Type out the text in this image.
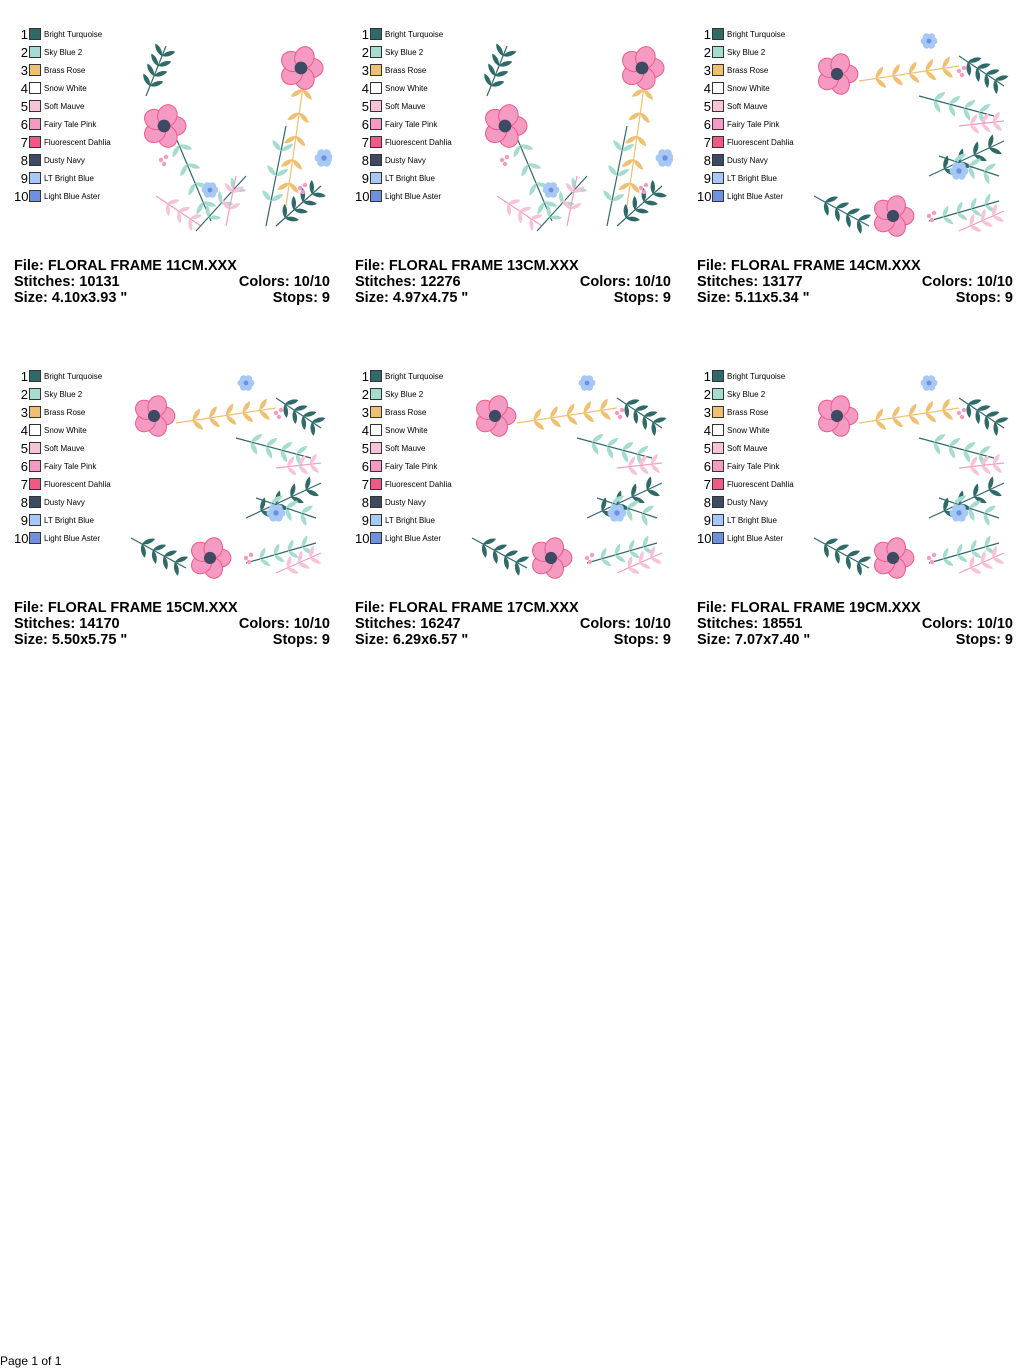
1 Bright Turquoise
2 Sky Blue 2
3 Brass Rose
4 Snow White
5 Soft Mauve
6 Fairy Tale Pink
7 Fluorescent Dahlia
8 Dusty Navy
9 LT Bright Blue
10 Light Blue Aster
File: FLORAL FRAME 11CM.XXX
Stitches: 10131	Colors: 10/10
Size: 4.10x3.93 "	Stops: 9
1 Bright Turquoise
2 Sky Blue 2
3 Brass Rose
4 Snow White
5 Soft Mauve
6 Fairy Tale Pink
7 Fluorescent Dahlia
8 Dusty Navy
9 LT Bright Blue
10 Light Blue Aster
File: FLORAL FRAME 13CM.XXX
Stitches: 12276	Colors: 10/10
Size: 4.97x4.75 "	Stops: 9
1 Bright Turquoise
2 Sky Blue 2
3 Brass Rose
4 Snow White
5 Soft Mauve
6 Fairy Tale Pink
7 Fluorescent Dahlia
8 Dusty Navy
9 LT Bright Blue
10 Light Blue Aster
File: FLORAL FRAME 14CM.XXX
Stitches: 13177	Colors: 10/10
Size: 5.11x5.34 "	Stops: 9
1 Bright Turquoise
2 Sky Blue 2
3 Brass Rose
4 Snow White
5 Soft Mauve
6 Fairy Tale Pink
7 Fluorescent Dahlia
8 Dusty Navy
9 LT Bright Blue
10 Light Blue Aster
File: FLORAL FRAME 15CM.XXX
Stitches: 14170	Colors: 10/10
Size: 5.50x5.75 "	Stops: 9
1 Bright Turquoise
2 Sky Blue 2
3 Brass Rose
4 Snow White
5 Soft Mauve
6 Fairy Tale Pink
7 Fluorescent Dahlia
8 Dusty Navy
9 LT Bright Blue
10 Light Blue Aster
File: FLORAL FRAME 17CM.XXX
Stitches: 16247	Colors: 10/10
Size: 6.29x6.57 "	Stops: 9
1 Bright Turquoise
2 Sky Blue 2
3 Brass Rose
4 Snow White
5 Soft Mauve
6 Fairy Tale Pink
7 Fluorescent Dahlia
8 Dusty Navy
9 LT Bright Blue
10 Light Blue Aster
File: FLORAL FRAME 19CM.XXX
Stitches: 18551	Colors: 10/10
Size: 7.07x7.40 "	Stops: 9
Page 1 of 1
